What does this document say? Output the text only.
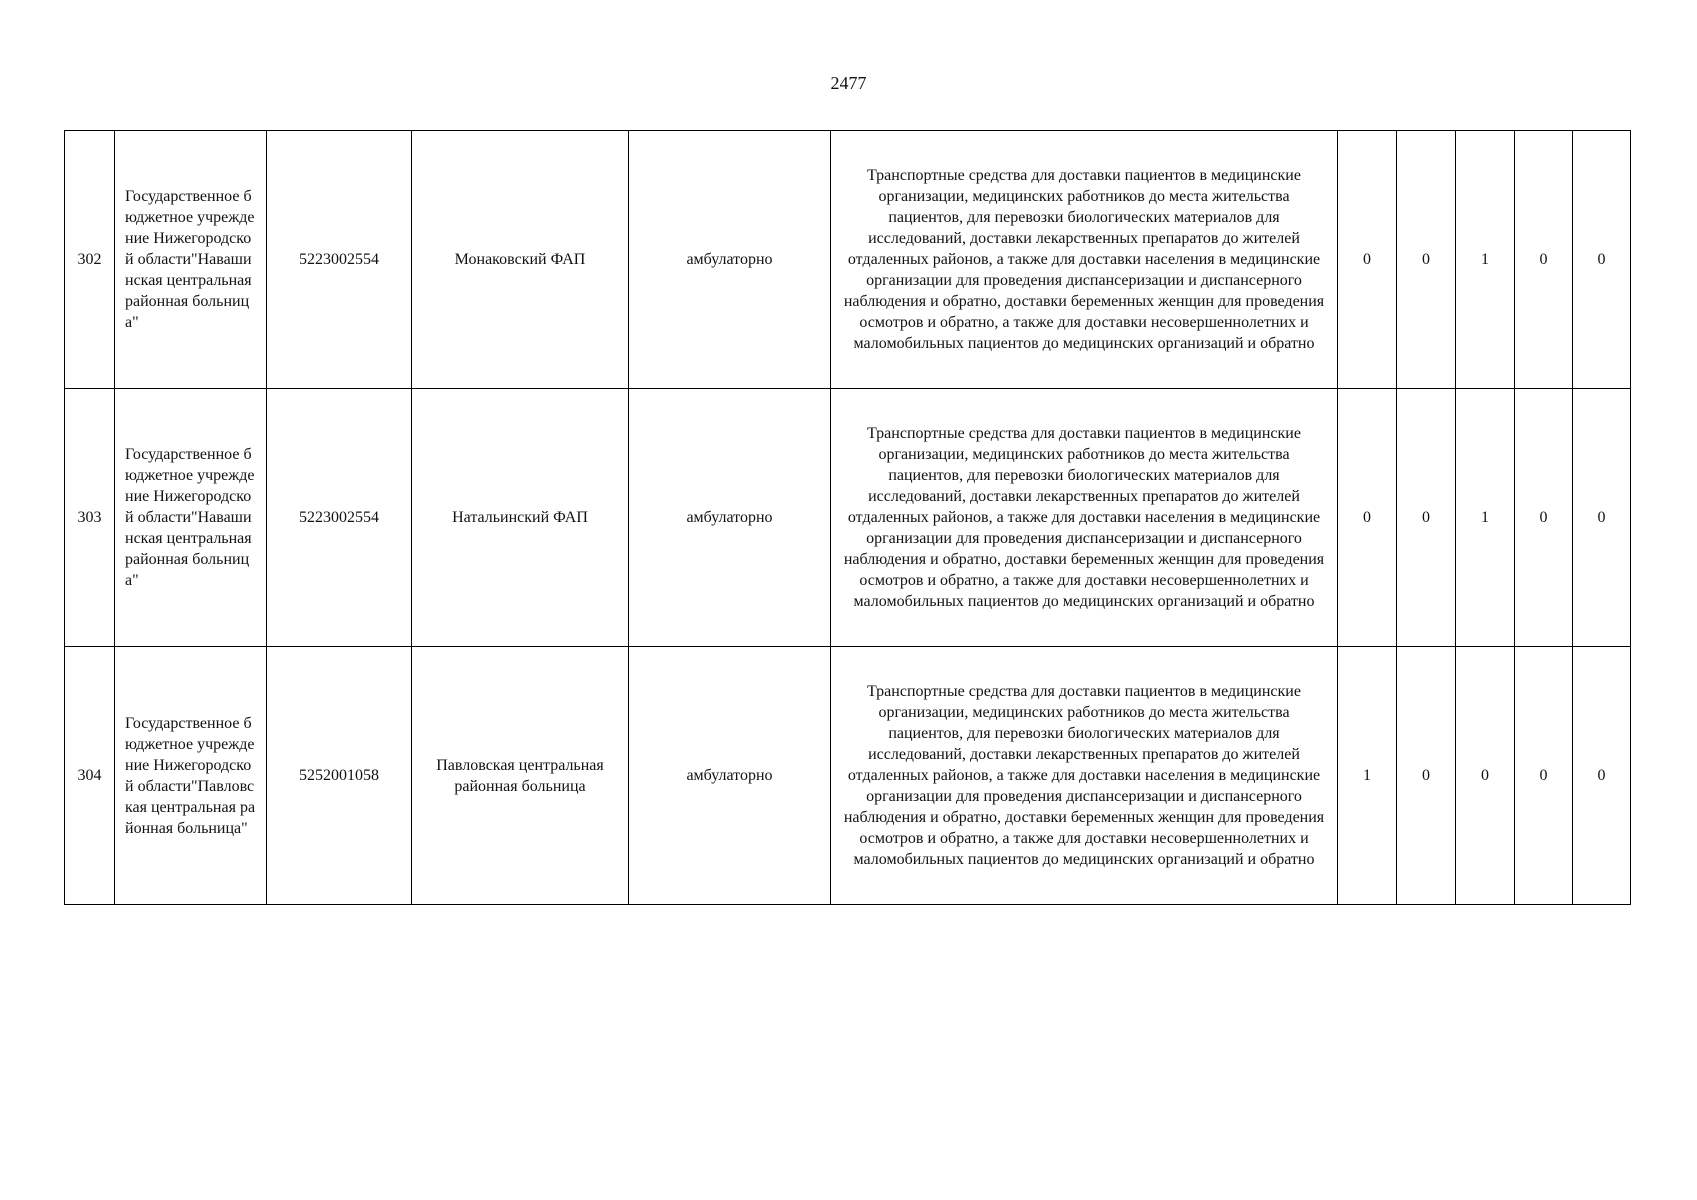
2477
302	Государственное бюджетное учреждение Нижегородской области"Навашинская центральная районная больница"	5223002554	Монаковский ФАП	амбулаторно	Транспортные средства для доставки пациентов в медицинские организации, медицинских работников до места жительства пациентов, для перевозки биологических материалов для исследований, доставки лекарственных препаратов до жителей отдаленных районов, а также для доставки населения в медицинские организации для проведения диспансеризации и диспансерного наблюдения и обратно, доставки беременных женщин для проведения осмотров и обратно, а также для доставки несовершеннолетних и маломобильных пациентов до медицинских организаций и обратно	0	0	1	0	0
303	Государственное бюджетное учреждение Нижегородской области"Навашинская центральная районная больница"	5223002554	Натальинский ФАП	амбулаторно	Транспортные средства для доставки пациентов в медицинские организации, медицинских работников до места жительства пациентов, для перевозки биологических материалов для исследований, доставки лекарственных препаратов до жителей отдаленных районов, а также для доставки населения в медицинские организации для проведения диспансеризации и диспансерного наблюдения и обратно, доставки беременных женщин для проведения осмотров и обратно, а также для доставки несовершеннолетних и маломобильных пациентов до медицинских организаций и обратно	0	0	1	0	0
304	Государственное бюджетное учреждение Нижегородской области"Павловская центральная районная больница"	5252001058	Павловская центральная районная больница	амбулаторно	Транспортные средства для доставки пациентов в медицинские организации, медицинских работников до места жительства пациентов, для перевозки биологических материалов для исследований, доставки лекарственных препаратов до жителей отдаленных районов, а также для доставки населения в медицинские организации для проведения диспансеризации и диспансерного наблюдения и обратно, доставки беременных женщин для проведения осмотров и обратно, а также для доставки несовершеннолетних и маломобильных пациентов до медицинских организаций и обратно	1	0	0	0	0
